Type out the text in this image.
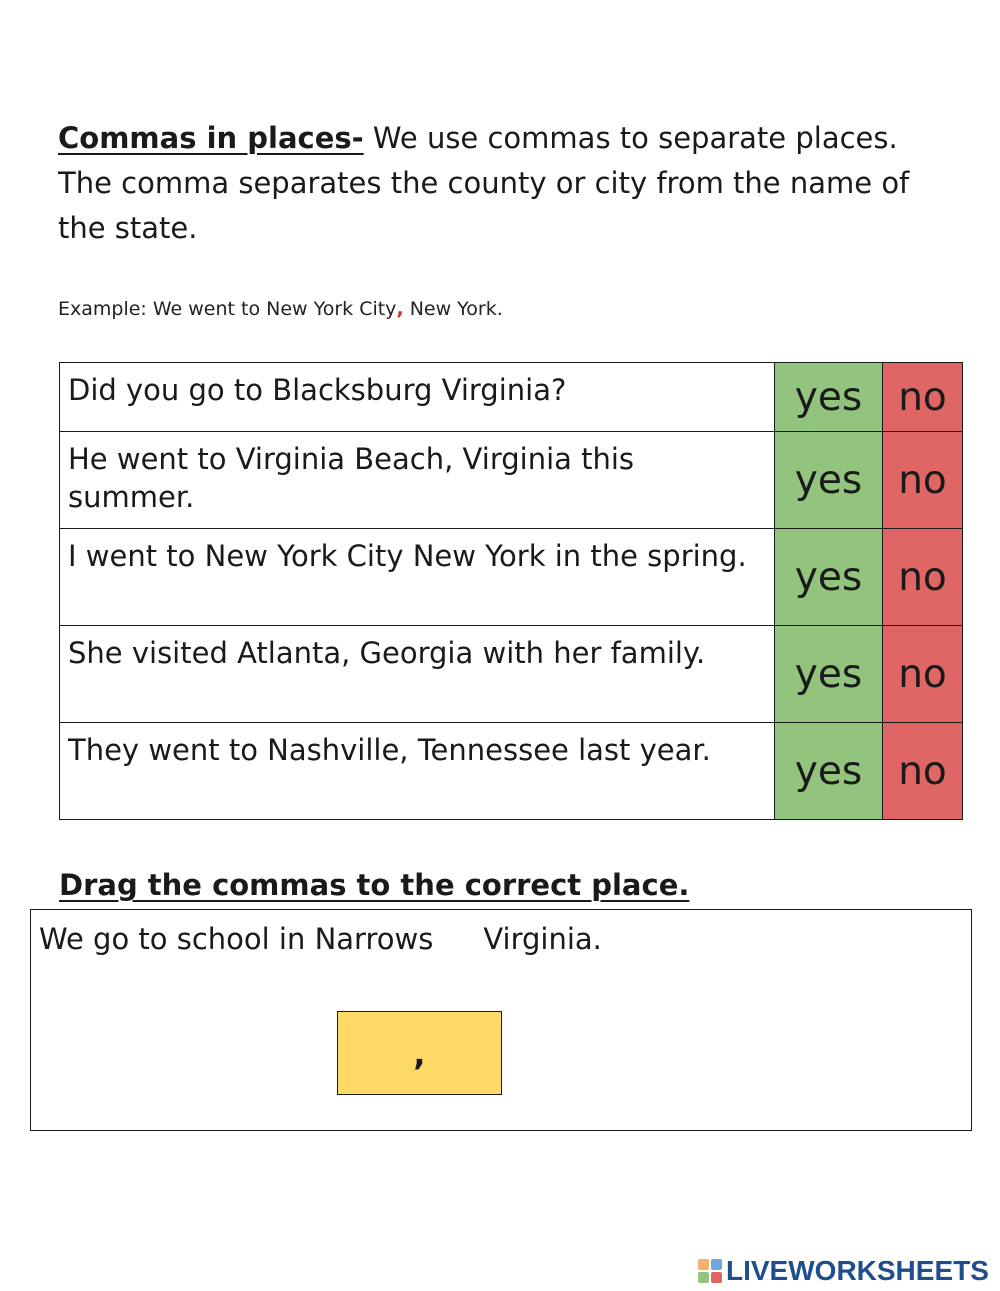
Commas in places- We use commas to separate places. The comma separates the county or city from the name of the state.
Example: We went to New York City, New York.
Did you go to Blacksburg Virginia?	yes	no
He went to Virginia Beach, Virginia this summer.	yes	no
I went to New York City New York in the spring.	yes	no
She visited Atlanta, Georgia with her family.	yes	no
They went to Nashville, Tennessee last year.	yes	no
Drag the commas to the correct place.
We go to school in Narrows Virginia.
,
LIVEWORKSHEETS
